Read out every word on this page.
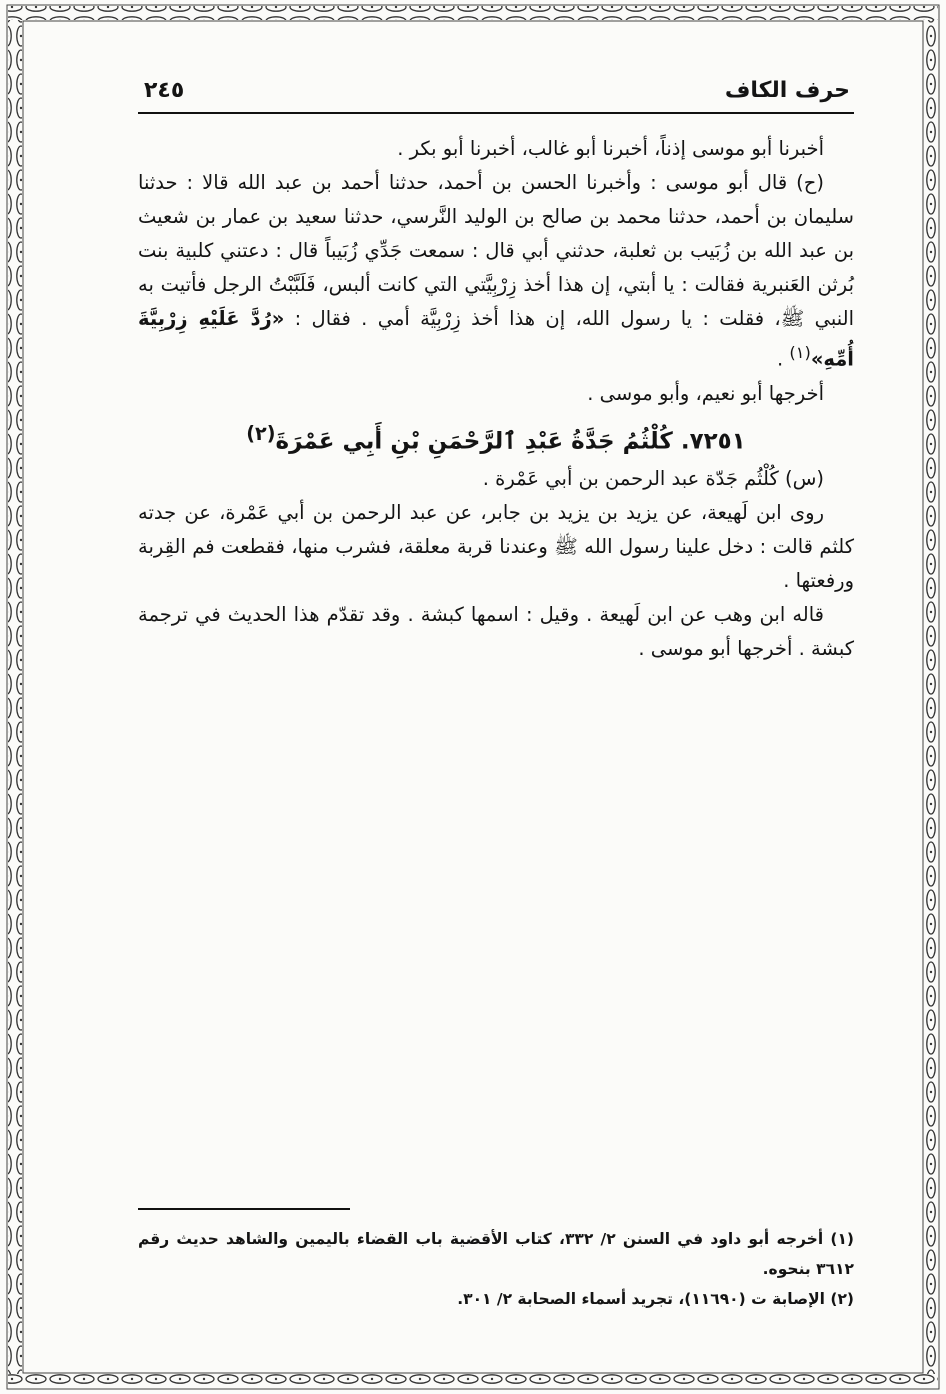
حرف الكاف
٢٤٥

أخبرنا أبو موسى إذناً، أخبرنا أبو غالب، أخبرنا أبو بكر .

(ح) قال أبو موسى : وأخبرنا الحسن بن أحمد، حدثنا أحمد بن عبد الله قالا : حدثنا سليمان بن أحمد، حدثنا محمد بن صالح بن الوليد النَّرسي، حدثنا سعيد بن عمار بن شعيث بن عبد الله بن زُبَيب بن ثعلبة، حدثني أبي قال : سمعت جَدِّي زُبَيباً قال : دعتني كلبية بنت بُرثن العَنبرية فقالت : يا أبتي، إن هذا أخذ زِرْبِيَّتي التي كانت ألبس، فَلَبَّبْتُ الرجل فأتيت به النبي ﷺ، فقلت : يا رسول الله، إن هذا أخذ زِرْبِيَّة أمي . فقال : «رُدَّ عَلَيْهِ زِرْبِيَّةَ أُمِّهِ»$^{(١)}$ .

أخرجها أبو نعيم، وأبو موسى .

٧٢٥١. كُلْثُمُ جَدَّةُ عَبْدِ ٱلرَّحْمَنِ بْنِ أَبِي عَمْرَةَ$^{(٢)}$

(س) كُلْثُم جَدّة عبد الرحمن بن أبي عَمْرة .

روى ابن لَهيعة، عن يزيد بن يزيد بن جابر، عن عبد الرحمن بن أبي عَمْرة، عن جدته كلثم قالت : دخل علينا رسول الله ﷺ وعندنا قربة معلقة، فشرب منها، فقطعت فم القِربة ورفعتها .

قاله ابن وهب عن ابن لَهيعة . وقيل : اسمها كبشة . وقد تقدّم هذا الحديث في ترجمة كبشة . أخرجها أبو موسى .

(١) أخرجه أبو داود في السنن ٢/ ٣٣٢، كتاب الأقضية باب القضاء باليمين والشاهد حديث رقم ٣٦١٢ بنحوه.

(٢) الإصابة ت (١١٦٩٠)، تجريد أسماء الصحابة ٢/ ٣٠١.
